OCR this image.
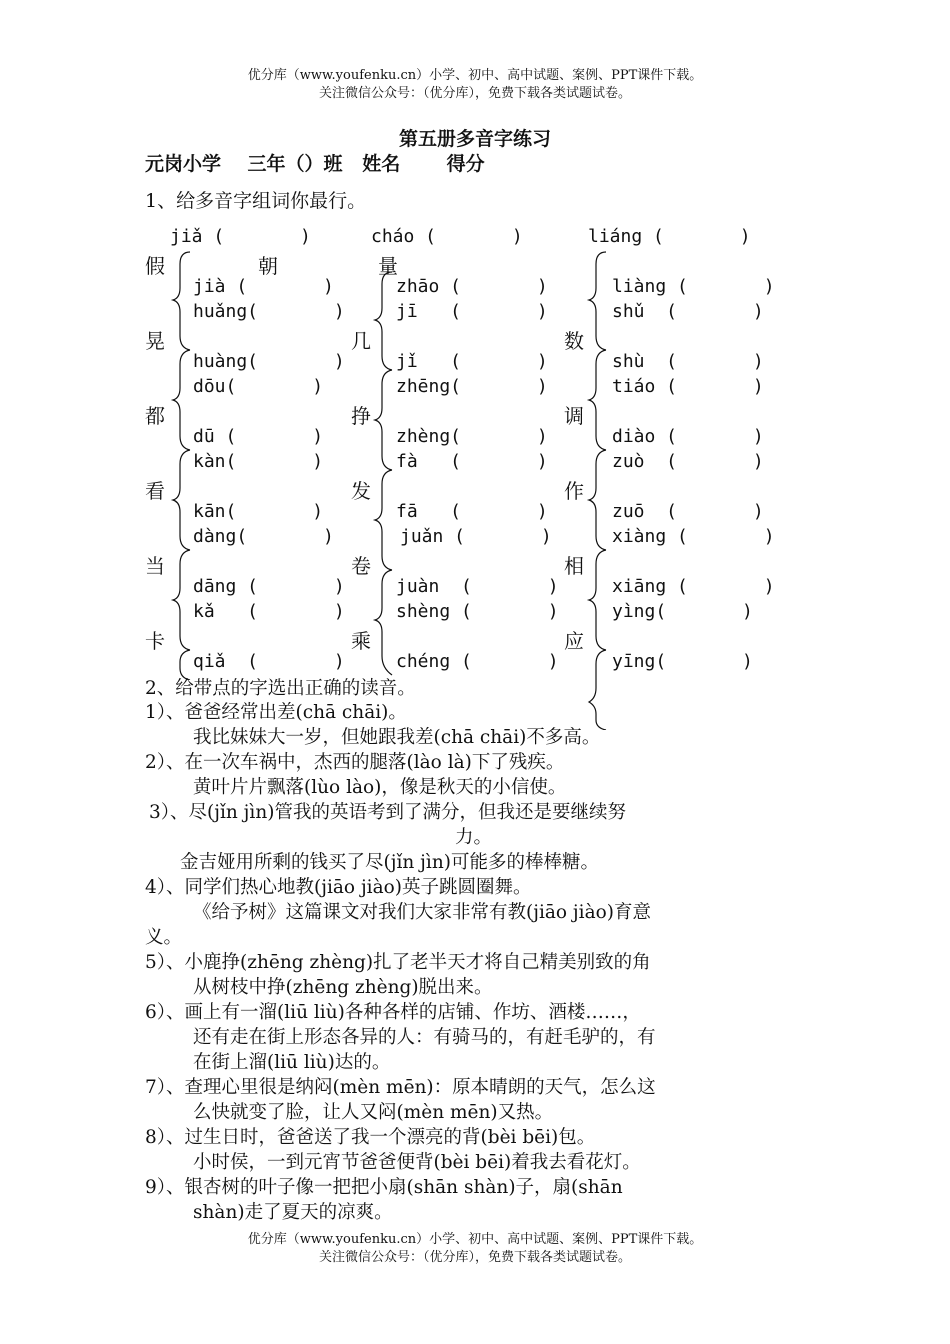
优分库（www.youfenku.cn）小学、初中、高中试题、案例、PPT课件下载。
关注微信公众号：（优分库），免费下载各类试题试卷。
第五册多音字练习
元岗小学    三年（）班   姓名       得分
1、给多音字组词你最行。
jiǎ (       )	cháo (       )	liáng (       )
假	朝	量
jià (       )	zhāo (       )	liàng (       )
huǎng(       )	jī   (       )	shǔ  (       )
晃	几	数
huàng(       )	jǐ   (       )	shù  (       )
dōu(       )	zhēng(       )	tiáo (       )
都	挣	调
dū (       )	zhèng(       )	diào (       )
kàn(       )	fà   (       )	zuò  (       )
看	发	作
kān(       )	fā   (       )	zuō  (       )
dàng(       )	juǎn (       )	xiàng (       )
当	卷	相
dāng (       )	juàn  (       )	xiāng (       )
kǎ   (       )	shèng (       )	yìng(       )
卡	乘	应
qiǎ  (       )	chéng (       )	yīng(       )
2、给带点的字选出正确的读音。
1）、爸爸经常出差(chā chāi)。
我比妹妹大一岁，但她跟我差(chā chāi)不多高。
2）、在一次车祸中，杰西的腿落(lào là)下了残疾。
黄叶片片飘落(lùo lào)，像是秋天的小信使。
3）、尽(jǐn jìn)管我的英语考到了满分，但我还是要继续努
力。
金吉娅用所剩的钱买了尽(jǐn jìn)可能多的棒棒糖。
4）、同学们热心地教(jiāo jiào)英子跳圆圈舞。
《给予树》这篇课文对我们大家非常有教(jiāo jiào)育意
义。
5）、小鹿挣(zhēng zhèng)扎了老半天才将自己精美别致的角
从树枝中挣(zhēng zhèng)脱出来。
6）、画上有一溜(liū liù)各种各样的店铺、作坊、酒楼……，
还有走在街上形态各异的人：有骑马的，有赶毛驴的，有
在街上溜(liū liù)达的。
7）、查理心里很是纳闷(mèn mēn)：原本晴朗的天气，怎么这
么快就变了脸，让人又闷(mèn mēn)又热。
8）、过生日时，爸爸送了我一个漂亮的背(bèi bēi)包。
小时侯，一到元宵节爸爸便背(bèi bēi)着我去看花灯。
9）、银杏树的叶子像一把把小扇(shān shàn)子，扇(shān
shàn)走了夏天的凉爽。
优分库（www.youfenku.cn）小学、初中、高中试题、案例、PPT课件下载。
关注微信公众号：（优分库），免费下载各类试题试卷。
